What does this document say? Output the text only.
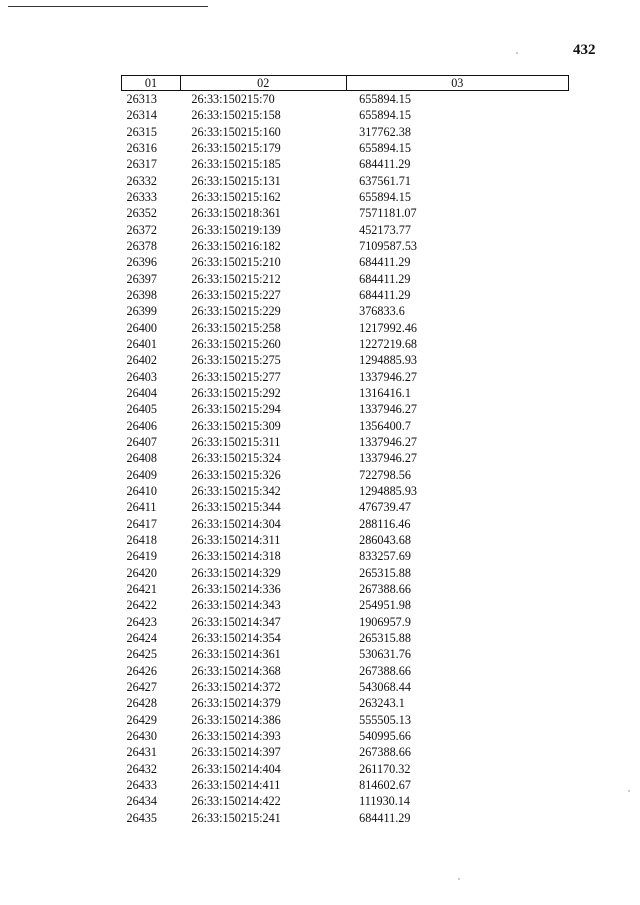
432
01	02	03
26313	26:33:150215:70	655894.15
26314	26:33:150215:158	655894.15
26315	26:33:150215:160	317762.38
26316	26:33:150215:179	655894.15
26317	26:33:150215:185	684411.29
26332	26:33:150215:131	637561.71
26333	26:33:150215:162	655894.15
26352	26:33:150218:361	7571181.07
26372	26:33:150219:139	452173.77
26378	26:33:150216:182	7109587.53
26396	26:33:150215:210	684411.29
26397	26:33:150215:212	684411.29
26398	26:33:150215:227	684411.29
26399	26:33:150215:229	376833.6
26400	26:33:150215:258	1217992.46
26401	26:33:150215:260	1227219.68
26402	26:33:150215:275	1294885.93
26403	26:33:150215:277	1337946.27
26404	26:33:150215:292	1316416.1
26405	26:33:150215:294	1337946.27
26406	26:33:150215:309	1356400.7
26407	26:33:150215:311	1337946.27
26408	26:33:150215:324	1337946.27
26409	26:33:150215:326	722798.56
26410	26:33:150215:342	1294885.93
26411	26:33:150215:344	476739.47
26417	26:33:150214:304	288116.46
26418	26:33:150214:311	286043.68
26419	26:33:150214:318	833257.69
26420	26:33:150214:329	265315.88
26421	26:33:150214:336	267388.66
26422	26:33:150214:343	254951.98
26423	26:33:150214:347	1906957.9
26424	26:33:150214:354	265315.88
26425	26:33:150214:361	530631.76
26426	26:33:150214:368	267388.66
26427	26:33:150214:372	543068.44
26428	26:33:150214:379	263243.1
26429	26:33:150214:386	555505.13
26430	26:33:150214:393	540995.66
26431	26:33:150214:397	267388.66
26432	26:33:150214:404	261170.32
26433	26:33:150214:411	814602.67
26434	26:33:150214:422	111930.14
26435	26:33:150215:241	684411.29
